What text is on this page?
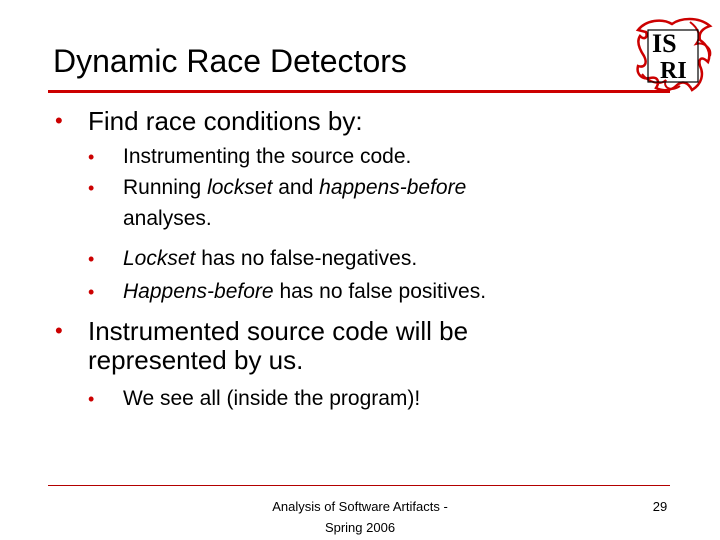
Dynamic Race Detectors	IS
RI
• Find race conditions by:
• Instrumenting the source code.
• Running lockset and happens-before
analyses.
• Lockset has no false-negatives.
• Happens-before has no false positives.
• Instrumented source code will be
represented by us.
• We see all (inside the program)!
Analysis of Software Artifacts -
Spring 2006
29
